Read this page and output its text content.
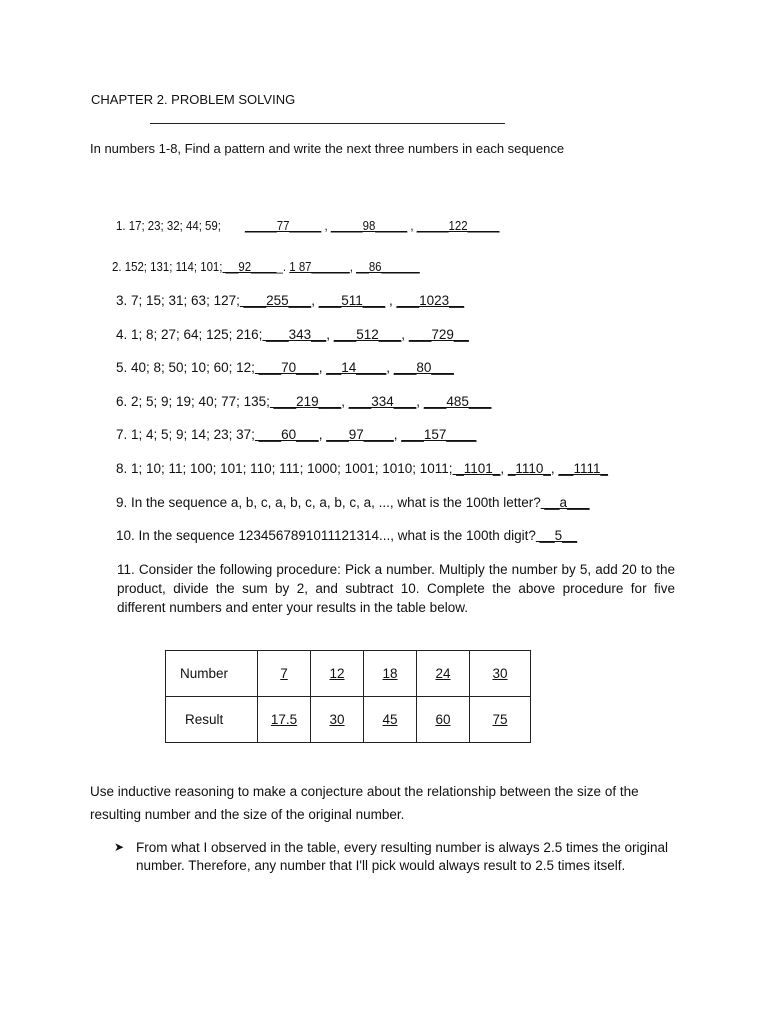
CHAPTER 2. PROBLEM SOLVING
In numbers 1-8, Find a pattern and write the next three numbers in each sequence
1. 17; 23; 32; 44; 59; _____77_____ , _____98_____ , _____122_____
2. 152; 131; 114; 101; __92_____. 1 87______, __86______
3. 7; 15; 31; 63; 127; ___255___, ___511___ , ___1023__
4. 1; 8; 27; 64; 125; 216; ___343__, ___512___, ___729__
5. 40; 8; 50; 10; 60; 12; ___70___, __14____, ___80___
6. 2; 5; 9; 19; 40; 77; 135; ___219___, ___334___, ___485___
7. 1; 4; 5; 9; 14; 23; 37; ___60___, ___97____, ___157____
8. 1; 10; 11; 100; 101; 110; 111; 1000; 1001; 1010; 1011; _1101_, _1110_, __1111_
9. In the sequence a, b, c, a, b, c, a, b, c, a, ..., what is the 100th letter? __a___
10. In the sequence 1234567891011121314..., what is the 100th digit? __5__
11. Consider the following procedure: Pick a number. Multiply the number by 5, add 20 to the product, divide the sum by 2, and subtract 10. Complete the above procedure for five different numbers and enter your results in the table below.
Number	7	12	18	24	30
Result	17.5	30	45	60	75
Use inductive reasoning to make a conjecture about the relationship between the size of the resulting number and the size of the original number.
➤ From what I observed in the table, every resulting number is always 2.5 times the original number. Therefore, any number that I'll pick would always result to 2.5 times itself.
